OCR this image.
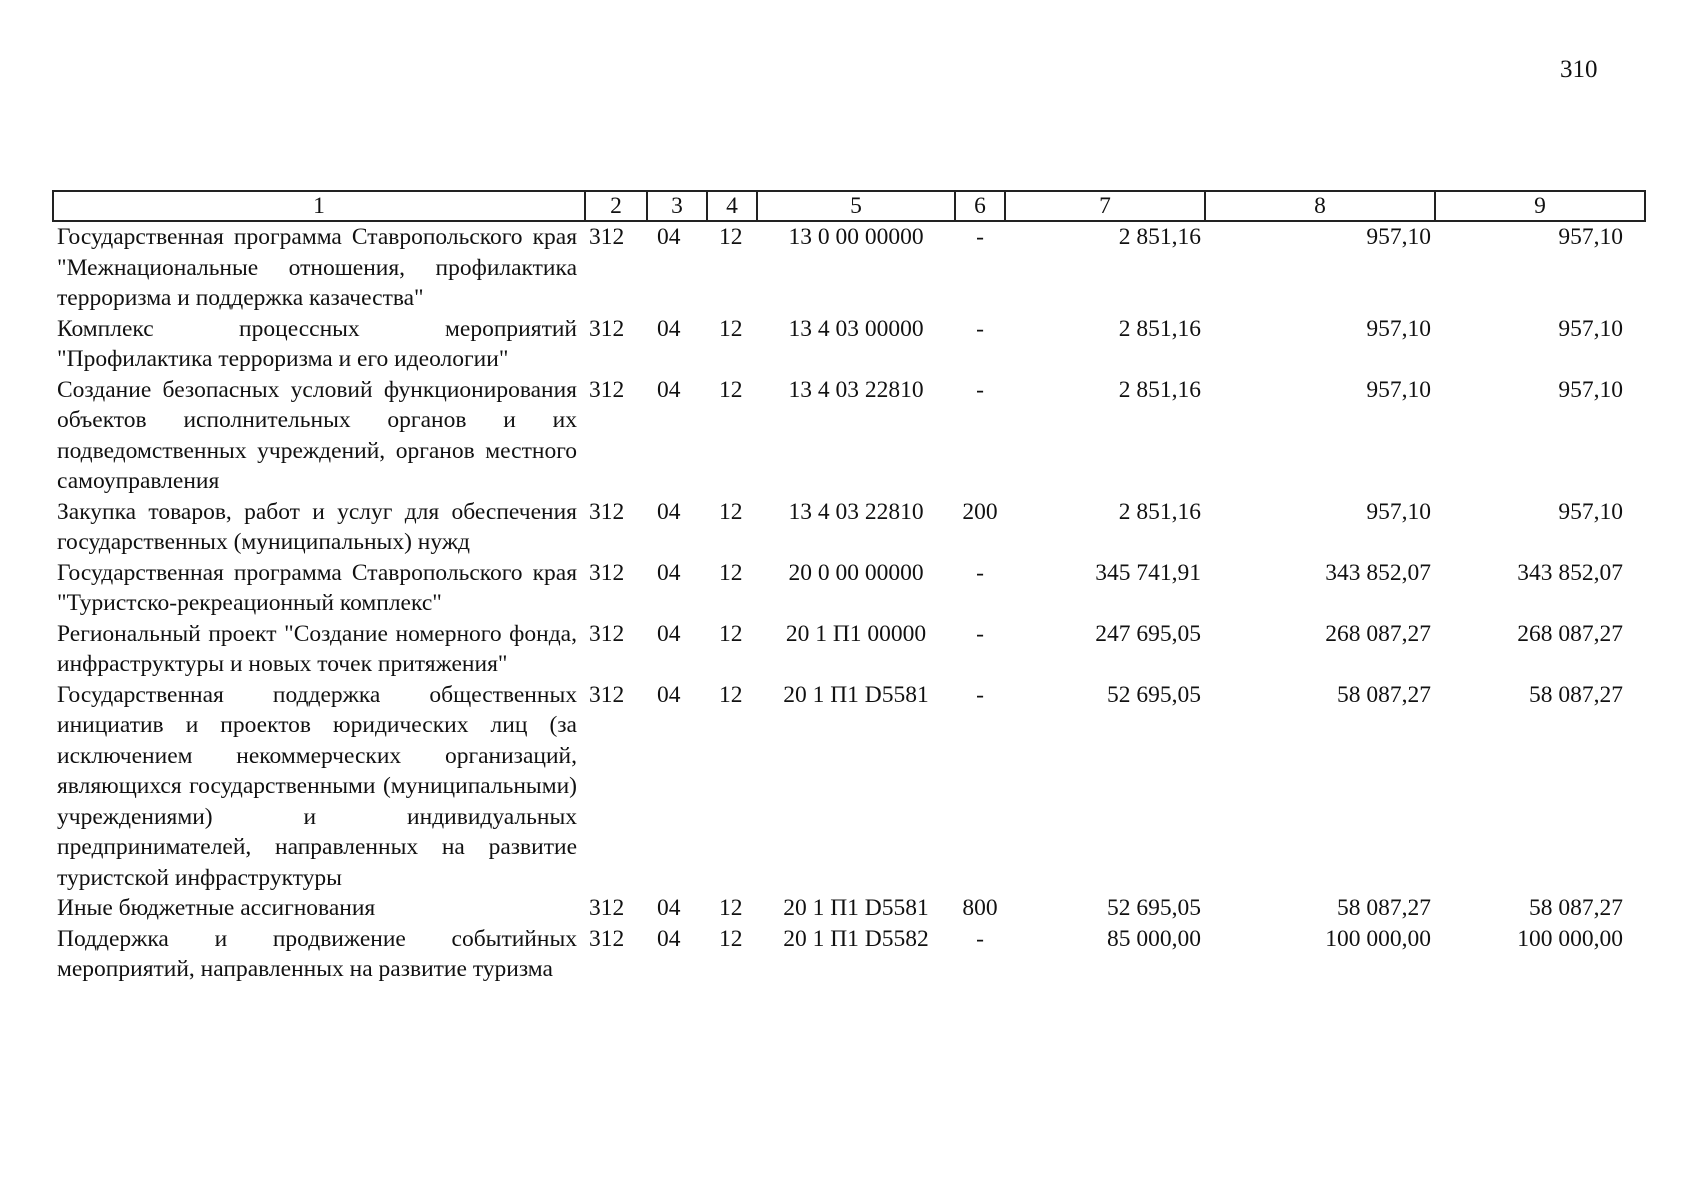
310
1	2	3	4	5	6	7	8	9
Государственная программа Ставропольского края "Межнациональные отношения, профилактика терроризма и поддержка казачества"	312	04	12	13 0 00 00000	-	2 851,16	957,10	957,10
Комплекс процессных мероприятий "Профилактика терроризма и его идеологии"	312	04	12	13 4 03 00000	-	2 851,16	957,10	957,10
Создание безопасных условий функционирования объектов исполнительных органов и их подведомственных учреждений, органов местного самоуправления	312	04	12	13 4 03 22810	-	2 851,16	957,10	957,10
Закупка товаров, работ и услуг для обеспечения государственных (муниципальных) нужд	312	04	12	13 4 03 22810	200	2 851,16	957,10	957,10
Государственная программа Ставропольского края "Туристско-рекреационный комплекс"	312	04	12	20 0 00 00000	-	345 741,91	343 852,07	343 852,07
Региональный проект "Создание номерного фонда, инфраструктуры и новых точек притяжения"	312	04	12	20 1 П1 00000	-	247 695,05	268 087,27	268 087,27
Государственная поддержка общественных инициатив и проектов юридических лиц (за исключением некоммерческих организаций, являющихся государственными (муниципальными) учреждениями) и индивидуальных предпринимателей, направленных на развитие туристской инфраструктуры	312	04	12	20 1 П1 D5581	-	52 695,05	58 087,27	58 087,27
Иные бюджетные ассигнования	312	04	12	20 1 П1 D5581	800	52 695,05	58 087,27	58 087,27
Поддержка и продвижение событийных мероприятий, направленных на развитие туризма	312	04	12	20 1 П1 D5582	-	85 000,00	100 000,00	100 000,00
